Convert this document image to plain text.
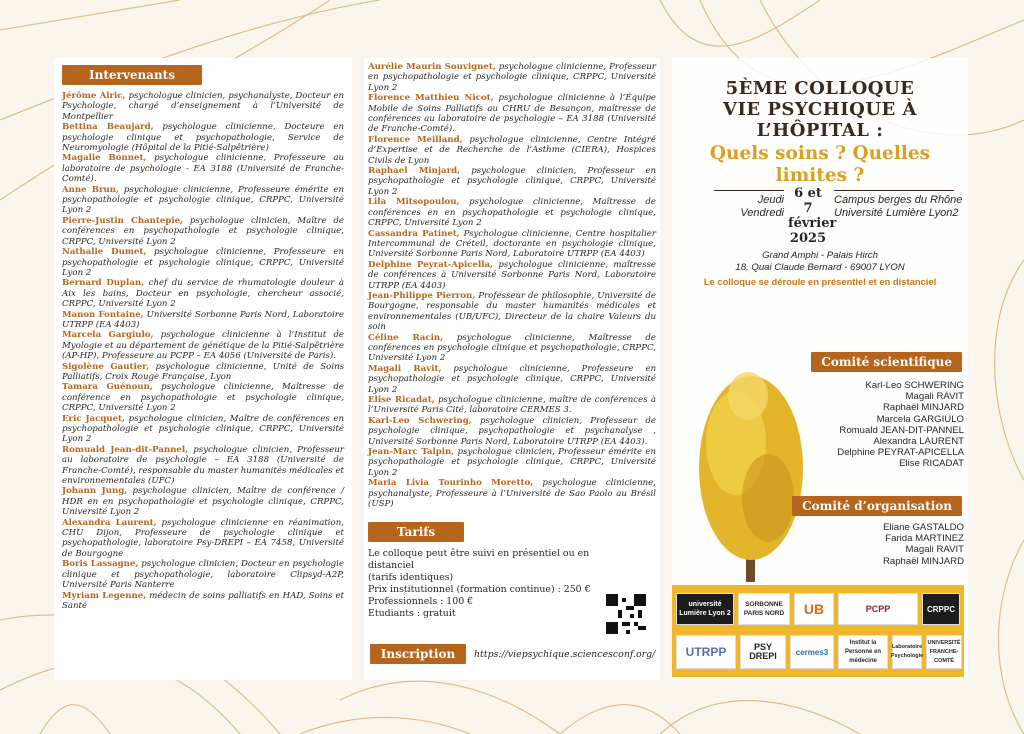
Intervenants
Jérôme Alric, psychologue clinicien, psychanalyste, Docteur en Psychologie, chargé d’enseignement à l’Université de Montpellier
Bettina Beaujard, psychologue clinicienne, Docteure en psychologie clinique et psychopathologie, Service de Neuromyologie (Hôpital de la Pitié-Salpêtrière)
Magalie Bonnet, psychologue clinicienne, Professeure au laboratoire de psychologie - EA 3188 (Université de Franche-Comté).
Anne Brun, psychologue clinicienne, Professeure émérite en psychopathologie et psychologie clinique, CRPPC, Université Lyon 2
Pierre-Justin Chantepie, psychologue clinicien, Maître de conférences en psychopathologie et psychologie clinique, CRPPC, Université Lyon 2
Nathalie Dumet, psychologue clinicienne, Professeure en psychopathologie et psychologie clinique, CRPPC, Université Lyon 2
Bernard Duplan, chef du service de rhumatologie douleur à Aix les bains, Docteur en psychologie, chercheur associé, CRPPC, Université Lyon 2
Manon Fontaine, Université Sorbonne Paris Nord, Laboratoire UTRPP (EA 4403)
Marcela Gargiulo, psychologue clinicienne à l’Institut de Myologie et au département de génétique de la Pitié-Salpêtrière (AP-HP), Professeure au PCPP – EA 4056 (Université de Paris).
Sigolène Gautier, psychologue clinicienne, Unité de Soins Palliatifs, Croix Rouge Française, Lyon
Tamara Guénoun, psychologue clinicienne, Maîtresse de conférence en psychopathologie et psychologie clinique, CRPPC, Université Lyon 2
Eric Jacquet, psychologue clinicien, Maître de conférences en psychopathologie et psychologie clinique, CRPPC, Université Lyon 2
Romuald Jean-dit-Pannel, psychologue clinicien, Professeur au laboratoire de psychologie – EA 3188 (Université de Franche-Comté), responsable du master humanités médicales et environnementales (UFC)
Johann Jung, psychologue clinicien, Maître de conférence / HDR en en psychopathologie et psychologie clinique, CRPPC, Université Lyon 2
Alexandra Laurent, psychologue clinicienne en réanimation, CHU Dijon, Professeure de psychologie clinique et psychopathologie, laboratoire Psy-DREPI – EA 7458, Université de Bourgogne
Boris Lassagne, psychologue clinicien, Docteur en psychologie clinique et psychopathologie, laboratoire Clipsyd-A2P, Université Paris Nanterre
Myriam Legenne, médecin de soins palliatifs en HAD, Soins et Santé
Aurélie Maurin Souvignet, psychologue clinicienne, Professeur en psychopathologie et psychologie clinique, CRPPC, Université Lyon 2
Florence Matthieu Nicot, psychologue clinicienne à l’Équipe Mobile de Soins Palliatifs au CHRU de Besançon, maîtresse de conférences au laboratoire de psychologie – EA 3188 (Université de Franche-Comté).
Florence Meilland, psychologue clinicienne, Centre Intégré d’Expertise et de Recherche de l’Asthme (CIERA), Hospices Civils de Lyon
Raphael Minjard, psychologue clinicien, Professeur en psychopathologie et psychologie clinique, CRPPC, Université Lyon 2
Lila Mitsopoulou, psychologue clinicienne, Maîtresse de conférences en en psychopathologie et psychologie clinique, CRPPC, Université Lyon 2
Cassandra Patinet, Psychologue clinicienne, Centre hospitalier Intercommunal de Créteil, doctorante en psychologie clinique, Université Sorbonne Paris Nord, Laboratoire UTRPP (EA 4403)
Delphine Peyrat-Apicella, psychologue clinicienne, maîtresse de conférences à Université Sorbonne Paris Nord, Laboratoire UTRPP (EA 4403)
Jean-Philippe Pierron, Professeur de philosophie, Université de Bourgogne, responsable du master humanités médicales et environnementales (UB/UFC), Directeur de la chaire Valeurs du soin
Céline Racin, psychologue clinicienne, Maîtresse de conférences en psychologie clinique et psychopathologie, CRPPC, Université Lyon 2
Magali Ravit, psychologue clinicienne, Professeure en psychopathologie et psychologie clinique, CRPPC, Université Lyon 2
Elise Ricadat, psychologue clinicienne, maître de conférences à l’Université Paris Cité, laboratoire CERMES 3.
Karl-Leo Schwering, psychologue clinicien, Professeur de psychologie clinique, psychopathologie et psychanalyse , Université Sorbonne Paris Nord, Laboratoire UTRPP (EA 4403).
Jean-Marc Talpin, psychologue clinicien, Professeur émérite en psychopathologie et psychologie clinique, CRPPC, Université Lyon 2
Maria Livia Tourinho Moretto, psychologue clinicienne, psychanalyste, Professeure à l’Université de Sao Paolo au Brésil (USP)
Tarifs
Le colloque peut être suivi en présentiel ou en distanciel
(tarifs identiques)
Prix institutionnel (formation continue) : 250 €
Professionnels : 100 €
Etudiants : gratuit
Inscription	https://viepsychique.sciencesconf.org/
5ÈME COLLOQUE
VIE PSYCHIQUE À L’HÔPITAL :
Quels soins ? Quelles limites ?
Jeudi
Vendredi
6 et 7
février
2025
Campus berges du Rhône
Université Lumière Lyon2
Grand Amphi - Palais Hirch
18, Quai Claude Bernard - 69007 LYON
Le colloque se déroule en présentiel et en distanciel
Comité scientifique
Karl-Leo SCHWERING
Magali RAVIT
Raphaël MINJARD
Marcela GARGIULO
Romuald JEAN-DIT-PANNEL
Alexandra LAURENT
Delphine PEYRAT-APICELLA
Elise RICADAT
Comité d’organisation
Eliane GASTALDO
Farida MARTINEZ
Magali RAVIT
Raphaël MINJARD
université Lumière Lyon 2
SORBONNE PARIS NORD	UB	PCPP	CRPPC
UTRPP	PSY DREPI	cermes3
Institut la Personne en médecine
Laboratoire Psychologie
UNIVERSITÉ FRANCHE-COMTÉ
